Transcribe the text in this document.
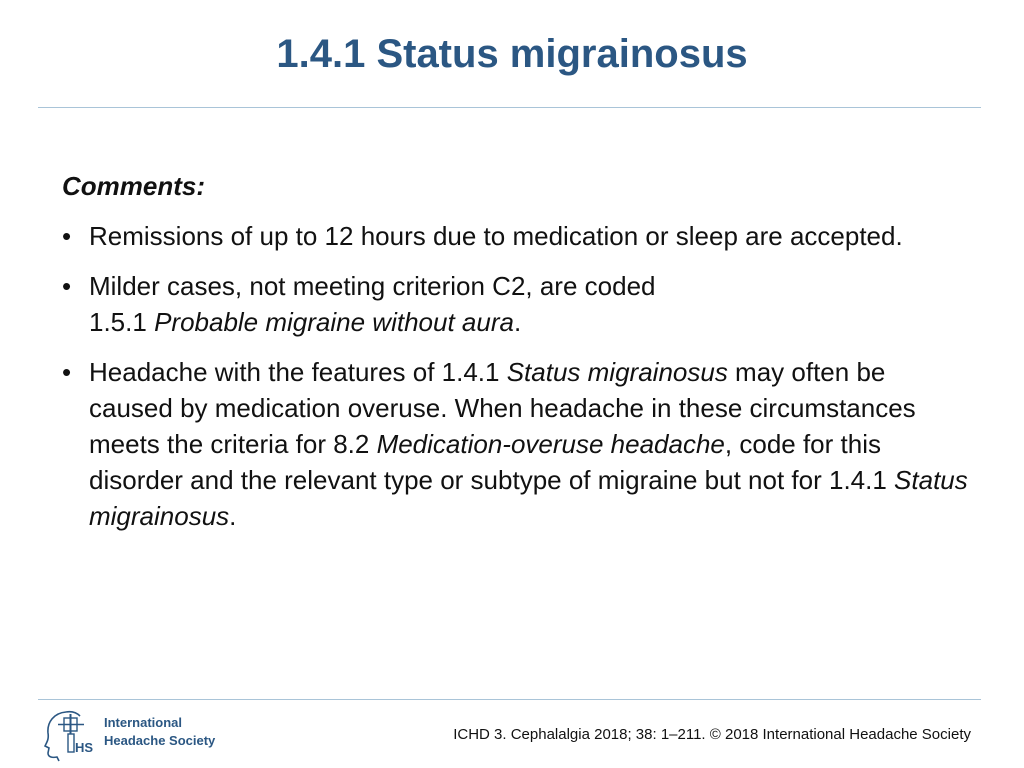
1.4.1 Status migrainosus
Comments:
• Remissions of up to 12 hours due to medication or sleep are accepted.
• Milder cases, not meeting criterion C2, are coded
1.5.1 Probable migraine without aura.
• Headache with the features of 1.4.1 Status migrainosus may often be caused by medication overuse. When headache in these circumstances meets the criteria for 8.2 Medication-overuse headache, code for this disorder and the relevant type or subtype of migraine but not for 1.4.1 Status migrainosus.
HS
International
Headache Society	ICHD 3. Cephalalgia 2018; 38: 1–211. © 2018 International Headache Society
